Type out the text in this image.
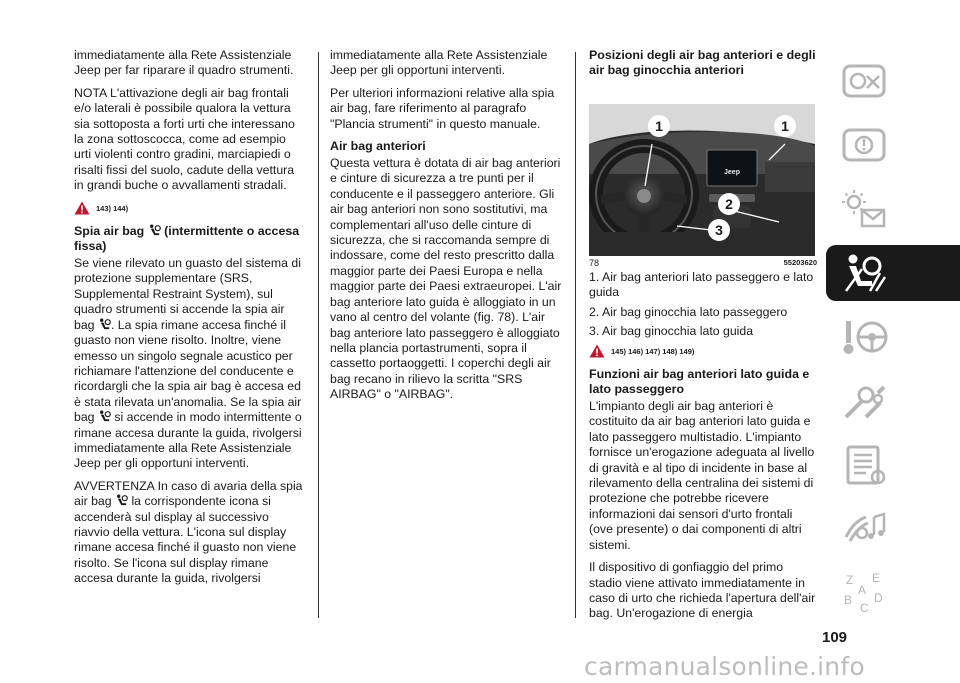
immediatamente alla Rete Assistenziale Jeep per far riparare il quadro strumenti.

NOTA L'attivazione degli air bag frontali e/o laterali è possibile qualora la vettura sia sottoposta a forti urti che interessano la zona sottoscocca, come ad esempio urti violenti contro gradini, marciapiedi o risalti fissi del suolo, cadute della vettura in grandi buche o avvallamenti stradali.

143) 144)
Spia air bag (intermittente o accesa fissa)

Se viene rilevato un guasto del sistema di protezione supplementare (SRS, Supplemental Restraint System), sul quadro strumenti si accende la spia air bag . La spia rimane accesa finché il guasto non viene risolto. Inoltre, viene emesso un singolo segnale acustico per richiamare l'attenzione del conducente e ricordargli che la spia air bag è accesa ed è stata rilevata un'anomalia. Se la spia air bag si accende in modo intermittente o rimane accesa durante la guida, rivolgersi immediatamente alla Rete Assistenziale Jeep per gli opportuni interventi.

AVVERTENZA In caso di avaria della spia air bag la corrispondente icona si accenderà sul display al successivo riavvio della vettura. L'icona sul display rimane accesa finché il guasto non viene risolto. Se l'icona sul display rimane accesa durante la guida, rivolgersi

immediatamente alla Rete Assistenziale Jeep per gli opportuni interventi.

Per ulteriori informazioni relative alla spia air bag, fare riferimento al paragrafo "Plancia strumenti" in questo manuale.

Air bag anteriori

Questa vettura è dotata di air bag anteriori e cinture di sicurezza a tre punti per il conducente e il passeggero anteriore. Gli air bag anteriori non sono sostitutivi, ma complementari all'uso delle cinture di sicurezza, che si raccomanda sempre di indossare, come del resto prescritto dalla maggior parte dei Paesi Europa e nella maggior parte dei Paesi extraeuropei. L'air bag anteriore lato guida è alloggiato in un vano al centro del volante (fig. 78). L'air bag anteriore lato passeggero è alloggiato nella plancia portastrumenti, sopra il cassetto portaoggetti. I coperchi degli air bag recano in rilievo la scritta "SRS AIRBAG" o "AIRBAG".

Posizioni degli air bag anteriori e degli air bag ginocchia anteriori
Jeep
1	1
2
3
78	55203620

1. Air bag anteriori lato passeggero e lato guida

2. Air bag ginocchia lato passeggero

3. Air bag ginocchia lato guida

145) 146) 147) 148) 149)
Funzioni air bag anteriori lato guida e lato passeggero

L'impianto degli air bag anteriori è costituito da air bag anteriori lato guida e lato passeggero multistadio. L'impianto fornisce un'erogazione adeguata al livello di gravità e al tipo di incidente in base al rilevamento della centralina dei sistemi di protezione che potrebbe ricevere informazioni dai sensori d'urto frontali (ove presente) o dai componenti di altri sistemi.

Il dispositivo di gonfiaggio del primo stadio viene attivato immediatamente in caso di urto che richieda l'apertura dell'air bag. Un'erogazione di energia

Z E
A
B D
C
109
carmanualsonline.info
